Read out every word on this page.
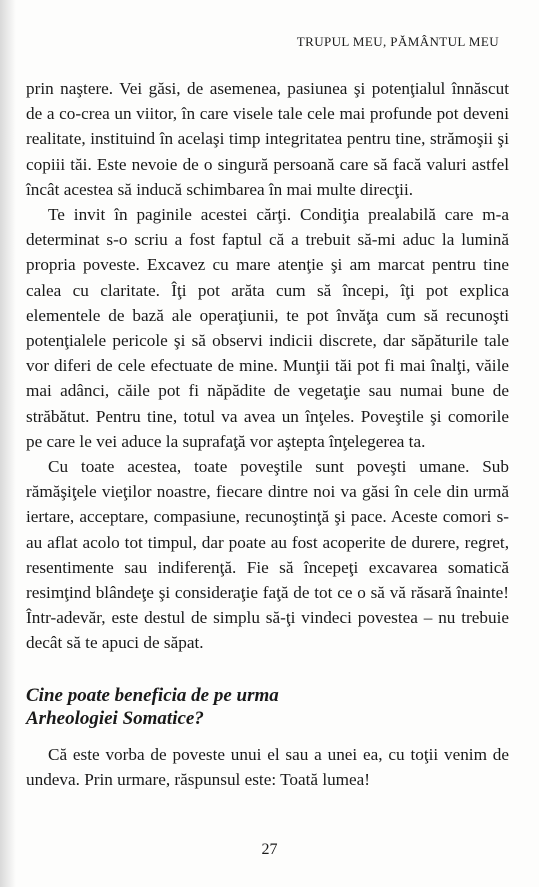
TRUPUL MEU, PĂMÂNTUL MEU

prin naştere. Vei găsi, de asemenea, pasiunea şi potenţialul înnăscut de a co-crea un viitor, în care visele tale cele mai profunde pot deveni realitate, instituind în acelaşi timp integritatea pentru tine, strămoşii şi copiii tăi. Este nevoie de o singură persoană care să facă valuri astfel încât acestea să inducă schimbarea în mai multe direcţii.

Te invit în paginile acestei cărţi. Condiţia prealabilă care m-a determinat s-o scriu a fost faptul că a trebuit să-mi aduc la lumină propria poveste. Excavez cu mare atenţie şi am marcat pentru tine calea cu claritate. Îţi pot arăta cum să începi, îţi pot explica elementele de bază ale operaţiunii, te pot învăţa cum să recunoşti potenţialele pericole şi să observi indicii discrete, dar săpăturile tale vor diferi de cele efectuate de mine. Munţii tăi pot fi mai înalţi, văile mai adânci, căile pot fi năpădite de vegetaţie sau numai bune de străbătut. Pentru tine, totul va avea un înţeles. Poveştile şi comorile pe care le vei aduce la suprafaţă vor aştepta înţelegerea ta.

Cu toate acestea, toate poveştile sunt poveşti umane. Sub rămăşiţele vieţilor noastre, fiecare dintre noi va găsi în cele din urmă iertare, acceptare, compasiune, recunoştinţă şi pace. Aceste comori s-au aflat acolo tot timpul, dar poate au fost acoperite de durere, regret, resentimente sau indiferenţă. Fie să începeţi excavarea somatică resimţind blândeţe şi consideraţie faţă de tot ce o să vă răsară înainte! Într-adevăr, este destul de simplu să-ţi vindeci povestea – nu trebuie decât să te apuci de săpat.

Cine poate beneficia de pe urma
Arheologiei Somatice?

Că este vorba de poveste unui el sau a unei ea, cu toţii venim de undeva. Prin urmare, răspunsul este: Toată lumea!

27
